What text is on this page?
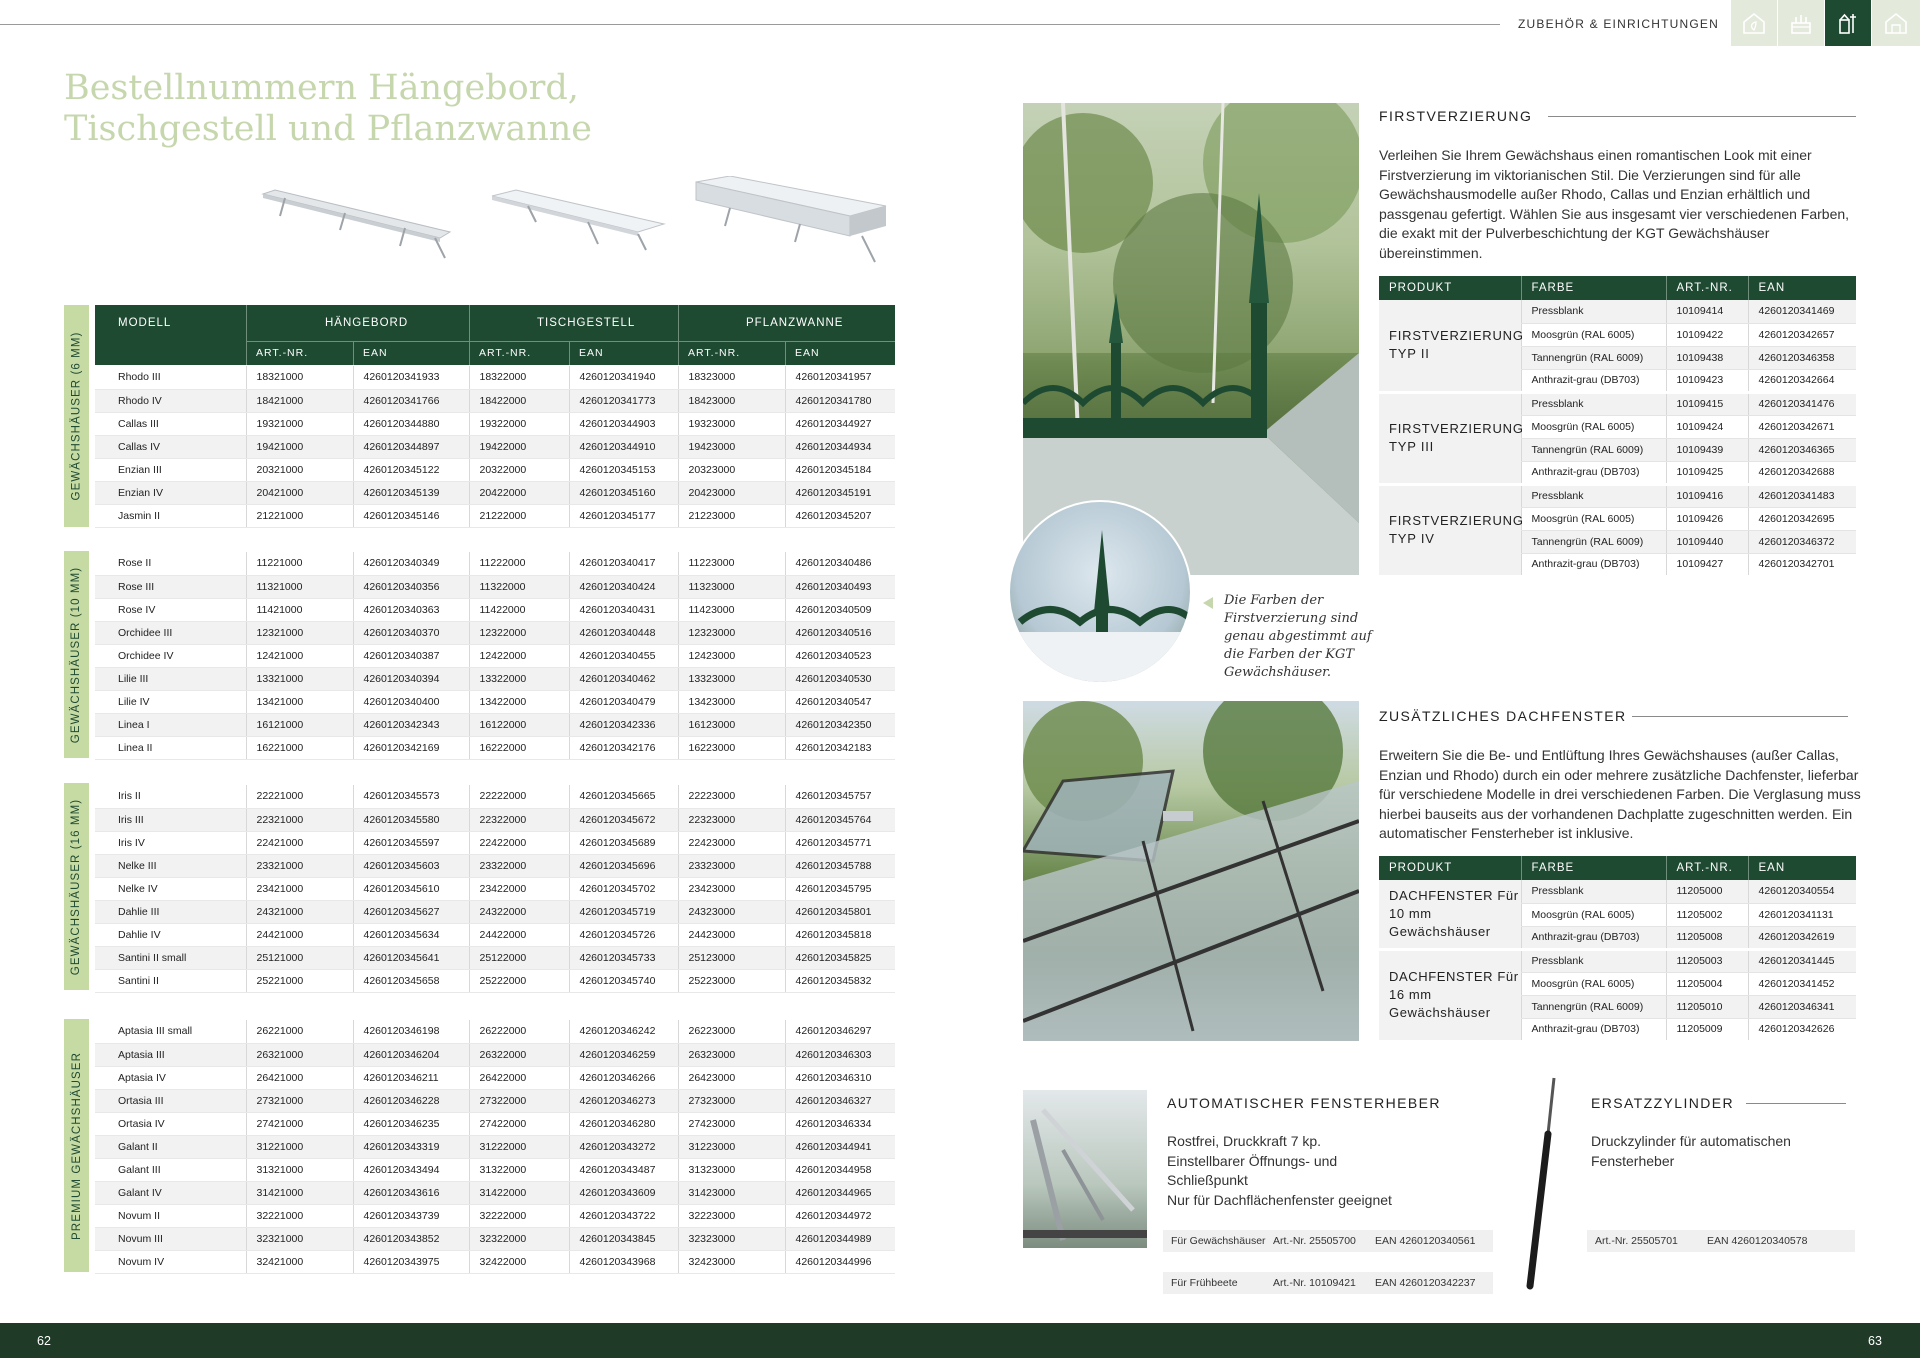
ZUBEHÖR & EINRICHTUNGEN
Bestellnummern Hängebord,
Tischgestell und Pflanzwanne
MODELL	HÄNGEBORD	TISCHGESTELL	PFLANZWANNE
ART.-NR.	EAN	ART.-NR.	EAN	ART.-NR.	EAN
GEWÄCHSHÄUSER (6 MM)
GEWÄCHSHÄUSER (10 MM)
GEWÄCHSHÄUSER (16 MM)
PREMIUM GEWÄCHSHÄUSER
Rhodo III	18321000	4260120341933	18322000	4260120341940	18323000	4260120341957
Rhodo IV	18421000	4260120341766	18422000	4260120341773	18423000	4260120341780
Callas III	19321000	4260120344880	19322000	4260120344903	19323000	4260120344927
Callas IV	19421000	4260120344897	19422000	4260120344910	19423000	4260120344934
Enzian III	20321000	4260120345122	20322000	4260120345153	20323000	4260120345184
Enzian IV	20421000	4260120345139	20422000	4260120345160	20423000	4260120345191
Jasmin II	21221000	4260120345146	21222000	4260120345177	21223000	4260120345207
Rose II	11221000	4260120340349	11222000	4260120340417	11223000	4260120340486
Rose III	11321000	4260120340356	11322000	4260120340424	11323000	4260120340493
Rose IV	11421000	4260120340363	11422000	4260120340431	11423000	4260120340509
Orchidee III	12321000	4260120340370	12322000	4260120340448	12323000	4260120340516
Orchidee IV	12421000	4260120340387	12422000	4260120340455	12423000	4260120340523
Lilie III	13321000	4260120340394	13322000	4260120340462	13323000	4260120340530
Lilie IV	13421000	4260120340400	13422000	4260120340479	13423000	4260120340547
Linea I	16121000	4260120342343	16122000	4260120342336	16123000	4260120342350
Linea II	16221000	4260120342169	16222000	4260120342176	16223000	4260120342183
Iris II	22221000	4260120345573	22222000	4260120345665	22223000	4260120345757
Iris III	22321000	4260120345580	22322000	4260120345672	22323000	4260120345764
Iris IV	22421000	4260120345597	22422000	4260120345689	22423000	4260120345771
Nelke III	23321000	4260120345603	23322000	4260120345696	23323000	4260120345788
Nelke IV	23421000	4260120345610	23422000	4260120345702	23423000	4260120345795
Dahlie III	24321000	4260120345627	24322000	4260120345719	24323000	4260120345801
Dahlie IV	24421000	4260120345634	24422000	4260120345726	24423000	4260120345818
Santini II small	25121000	4260120345641	25122000	4260120345733	25123000	4260120345825
Santini II	25221000	4260120345658	25222000	4260120345740	25223000	4260120345832
Aptasia III small	26221000	4260120346198	26222000	4260120346242	26223000	4260120346297
Aptasia III	26321000	4260120346204	26322000	4260120346259	26323000	4260120346303
Aptasia IV	26421000	4260120346211	26422000	4260120346266	26423000	4260120346310
Ortasia III	27321000	4260120346228	27322000	4260120346273	27323000	4260120346327
Ortasia IV	27421000	4260120346235	27422000	4260120346280	27423000	4260120346334
Galant II	31221000	4260120343319	31222000	4260120343272	31223000	4260120344941
Galant III	31321000	4260120343494	31322000	4260120343487	31323000	4260120344958
Galant IV	31421000	4260120343616	31422000	4260120343609	31423000	4260120344965
Novum II	32221000	4260120343739	32222000	4260120343722	32223000	4260120344972
Novum III	32321000	4260120343852	32322000	4260120343845	32323000	4260120344989
Novum IV	32421000	4260120343975	32422000	4260120343968	32423000	4260120344996
Die Farben der Firstverzierung sind genau abgestimmt auf die Farben der KGT Gewächshäuser.
FIRSTVERZIERUNG
Verleihen Sie Ihrem Gewächshaus einen romantischen Look mit einer Firstverzierung im viktorianischen Stil. Die Verzierungen sind für alle Gewächshausmodelle außer Rhodo, Callas und Enzian erhältlich und passgenau gefertigt. Wählen Sie aus insgesamt vier verschiedenen Farben, die exakt mit der Pulverbeschichtung der KGT Gewächshäuser übereinstimmen.
PRODUKT	FARBE	ART.-NR.	EAN
FIRSTVERZIERUNG TYP II	Pressblank	10109414	4260120341469
	Moosgrün (RAL 6005)	10109422	4260120342657
	Tannengrün (RAL 6009)	10109438	4260120346358
	Anthrazit-grau (DB703)	10109423	4260120342664
FIRSTVERZIERUNG TYP III	Pressblank	10109415	4260120341476
	Moosgrün (RAL 6005)	10109424	4260120342671
	Tannengrün (RAL 6009)	10109439	4260120346365
	Anthrazit-grau (DB703)	10109425	4260120342688
FIRSTVERZIERUNG TYP IV	Pressblank	10109416	4260120341483
	Moosgrün (RAL 6005)	10109426	4260120342695
	Tannengrün (RAL 6009)	10109440	4260120346372
	Anthrazit-grau (DB703)	10109427	4260120342701
ZUSÄTZLICHES DACHFENSTER
Erweitern Sie die Be- und Entlüftung Ihres Gewächshauses (außer Callas, Enzian und Rhodo) durch ein oder mehrere zusätzliche Dachfenster, lieferbar für verschiedene Modelle in drei verschiedenen Farben. Die Verglasung muss hierbei bauseits aus der vorhandenen Dachplatte zugeschnitten werden. Ein automatischer Fensterheber ist inklusive.
PRODUKT	FARBE	ART.-NR.	EAN
DACHFENSTER Für 10 mm Gewächshäuser	Pressblank	11205000	4260120340554
	Moosgrün (RAL 6005)	11205002	4260120341131
	Anthrazit-grau (DB703)	11205008	4260120342619
DACHFENSTER Für 16 mm Gewächshäuser	Pressblank	11205003	4260120341445
	Moosgrün (RAL 6005)	11205004	4260120341452
	Tannengrün (RAL 6009)	11205010	4260120346341
	Anthrazit-grau (DB703)	11205009	4260120342626
AUTOMATISCHER FENSTERHEBER
Rostfrei, Druckkraft 7 kp.
Einstellbarer Öffnungs- und
Schließpunkt
Nur für Dachflächenfenster geeignet
Für Gewächshäuser Art.-Nr. 25505700	EAN 4260120340561
Für Frühbeete	Art.-Nr. 10109421	EAN 4260120342237
ERSATZZYLINDER
Druckzylinder für automatischen
Fensterheber
Art.-Nr. 25505701	EAN 4260120340578
62	63
